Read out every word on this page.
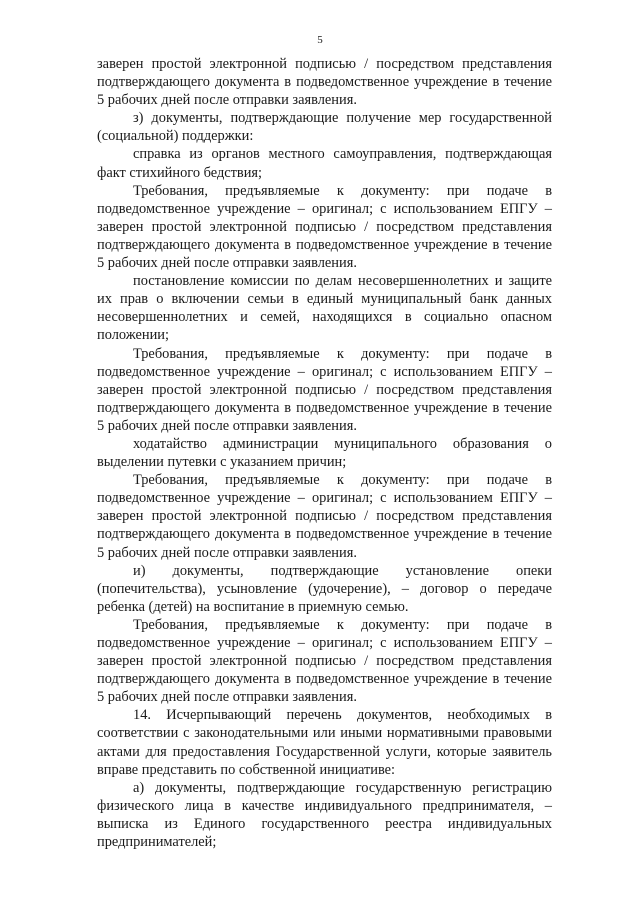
5

заверен простой электронной подписью / посредством представления подтверждающего документа в подведомственное учреждение в течение 5 рабочих дней после отправки заявления.

з) документы, подтверждающие получение мер государственной (социальной) поддержки:

справка из органов местного самоуправления, подтверждающая факт стихийного бедствия;

Требования, предъявляемые к документу: при подаче в подведомственное учреждение – оригинал; с использованием ЕПГУ – заверен простой электронной подписью / посредством представления подтверждающего документа в подведомственное учреждение в течение 5 рабочих дней после отправки заявления.

постановление комиссии по делам несовершеннолетних и защите их прав о включении семьи в единый муниципальный банк данных несовершеннолетних и семей, находящихся в социально опасном положении;

Требования, предъявляемые к документу: при подаче в подведомственное учреждение – оригинал; с использованием ЕПГУ – заверен простой электронной подписью / посредством представления подтверждающего документа в подведомственное учреждение в течение 5 рабочих дней после отправки заявления.

ходатайство администрации муниципального образования о выделении путевки с указанием причин;

Требования, предъявляемые к документу: при подаче в подведомственное учреждение – оригинал; с использованием ЕПГУ – заверен простой электронной подписью / посредством представления подтверждающего документа в подведомственное учреждение в течение 5 рабочих дней после отправки заявления.

и) документы, подтверждающие установление опеки (попечительства), усыновление (удочерение), – договор о передаче ребенка (детей) на воспитание в приемную семью.

Требования, предъявляемые к документу: при подаче в подведомственное учреждение – оригинал; с использованием ЕПГУ – заверен простой электронной подписью / посредством представления подтверждающего документа в подведомственное учреждение в течение 5 рабочих дней после отправки заявления.

14. Исчерпывающий перечень документов, необходимых в соответствии с законодательными или иными нормативными правовыми актами для предоставления Государственной услуги, которые заявитель вправе представить по собственной инициативе:

а) документы, подтверждающие государственную регистрацию физического лица в качестве индивидуального предпринимателя, – выписка из Единого государственного реестра индивидуальных предпринимателей;
